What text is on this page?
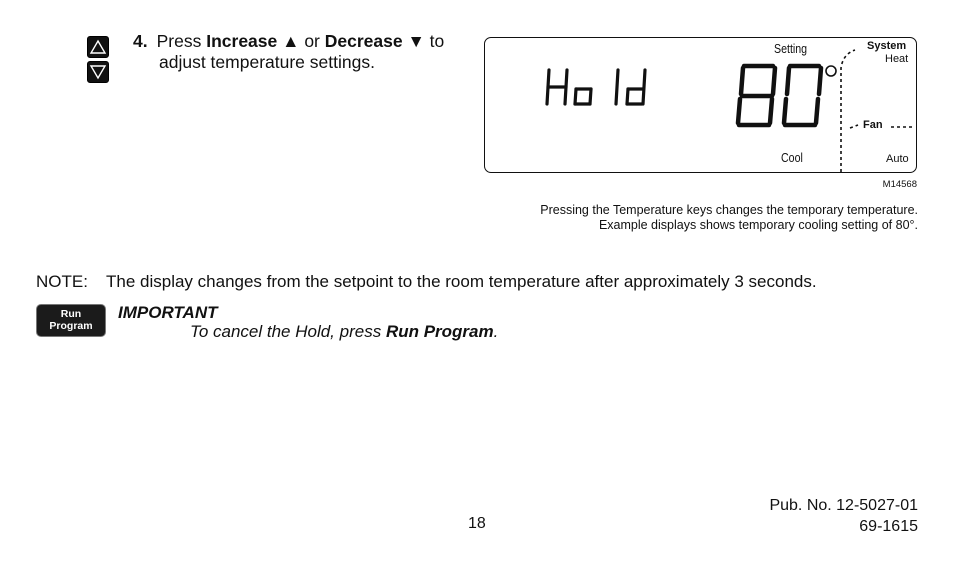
4. Press Increase ▲ or Decrease ▼ to
adjust temperature settings.
Setting
Cool
System
Heat
Fan
Auto
M14568
Pressing the Temperature keys changes the temporary temperature.
Example displays shows temporary cooling setting of 80°.
NOTE: The display changes from the setpoint to the room temperature after approximately 3 seconds.
Run
Program
IMPORTANT
To cancel the Hold, press Run Program.
18
Pub. No. 12-5027-01
69-1615
